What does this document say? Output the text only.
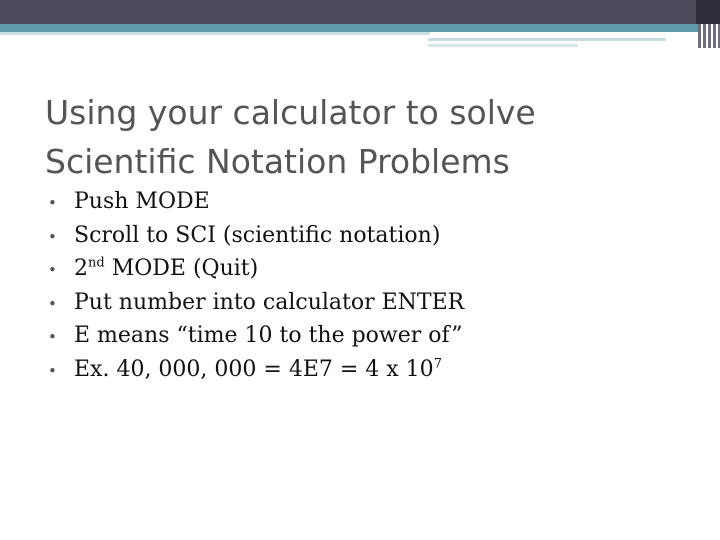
Using your calculator to solve
Scientific Notation Problems
• Push MODE
• Scroll to SCI (scientific notation)
• 2nd MODE (Quit)
• Put number into calculator ENTER
• E means “time 10 to the power of”
• Ex. 40, 000, 000 = 4E7 = 4 x $10^7$
